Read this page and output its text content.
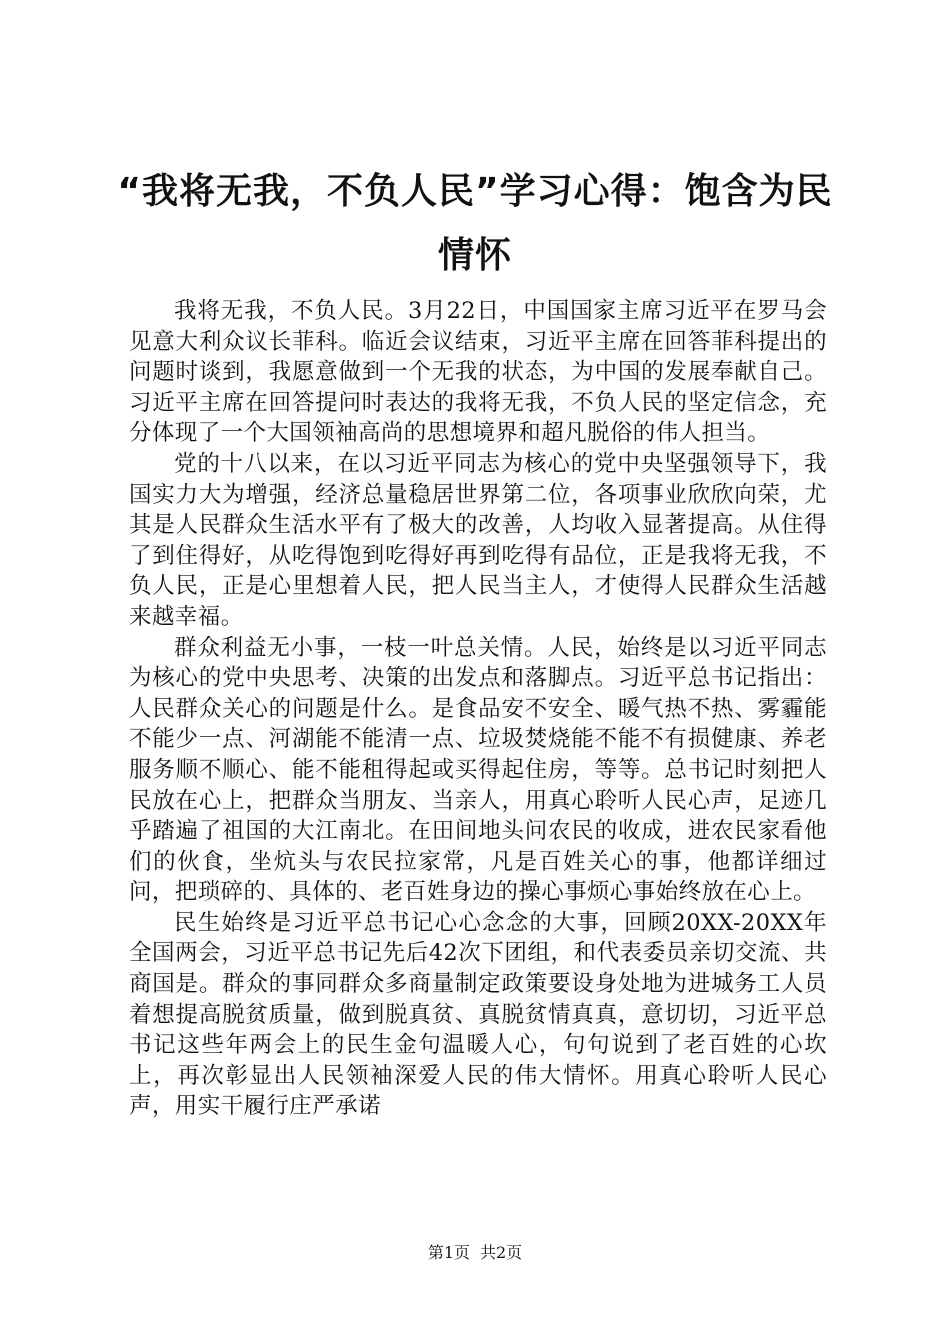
“我将无我，不负人民”学习心得：饱含为民情怀

我将无我，不负人民。3月22日，中国国家主席习近平在罗马会见意大利众议长菲科。临近会议结束，习近平主席在回答菲科提出的问题时谈到，我愿意做到一个无我的状态，为中国的发展奉献自己。习近平主席在回答提问时表达的我将无我，不负人民的坚定信念，充分体现了一个大国领袖高尚的思想境界和超凡脱俗的伟人担当。

党的十八以来，在以习近平同志为核心的党中央坚强领导下，我国实力大为增强，经济总量稳居世界第二位，各项事业欣欣向荣，尤其是人民群众生活水平有了极大的改善，人均收入显著提高。从住得了到住得好，从吃得饱到吃得好再到吃得有品位，正是我将无我，不负人民，正是心里想着人民，把人民当主人，才使得人民群众生活越来越幸福。

群众利益无小事，一枝一叶总关情。人民，始终是以习近平同志为核心的党中央思考、决策的出发点和落脚点。习近平总书记指出：人民群众关心的问题是什么。是食品安不安全、暖气热不热、雾霾能不能少一点、河湖能不能清一点、垃圾焚烧能不能不有损健康、养老服务顺不顺心、能不能租得起或买得起住房，等等。总书记时刻把人民放在心上，把群众当朋友、当亲人，用真心聆听人民心声，足迹几乎踏遍了祖国的大江南北。在田间地头问农民的收成，进农民家看他们的伙食，坐炕头与农民拉家常，凡是百姓关心的事，他都详细过问，把琐碎的、具体的、老百姓身边的操心事烦心事始终放在心上。

民生始终是习近平总书记心心念念的大事，回顾20XX-20XX年全国两会，习近平总书记先后42次下团组，和代表委员亲切交流、共商国是。群众的事同群众多商量制定政策要设身处地为进城务工人员着想提高脱贫质量，做到脱真贫、真脱贫情真真，意切切，习近平总书记这些年两会上的民生金句温暖人心，句句说到了老百姓的心坎上，再次彰显出人民领袖深爱人民的伟大情怀。用真心聆听人民心声，用实干履行庄严承诺

第1页 共2页
